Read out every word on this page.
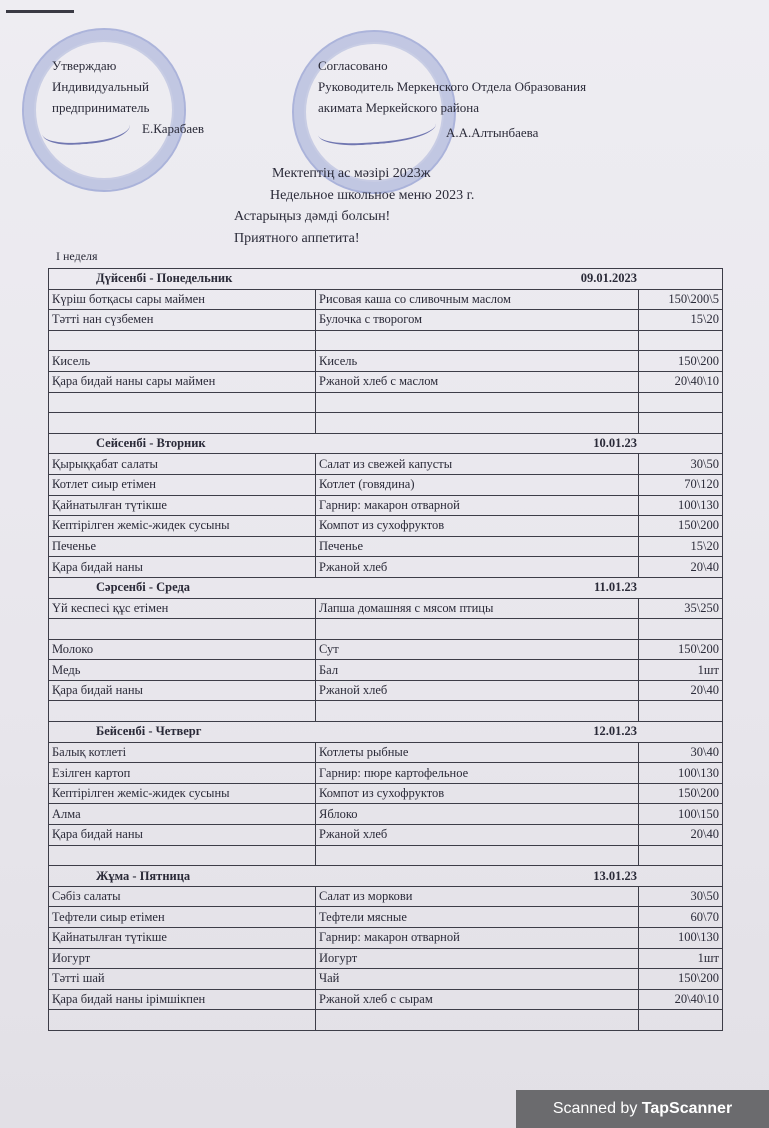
Утверждаю
Индивидуальный
предприниматель
Е.Карабаев
Согласовано
Руководитель Меркенского Отдела Образования
акимата Меркейского района
А.А.Алтынбаева
Мектептің ас мәзірі 2023ж
Недельное школьное меню 2023 г.
Астарыңыз дәмді болсын!
Приятного аппетита!
I неделя
Дүйсенбі - Понедельник 09.01.2023		

Күріш ботқасы сары маймен	Рисовая каша со сливочным маслом	150\200\5
Тәтті нан сүзбемен	Булочка с творогом	15\20

Кисель	Кисель	150\200
Қара бидай наны сары маймен	Ржаной хлеб с маслом	20\40\10

Сейсенбі - Вторник 10.01.23		

Қырыққабат салаты	Салат из свежей капусты	30\50
Котлет сиыр етімен	Котлет (говядина)	70\120
Қайнатылған түтікше	Гарнир: макарон отварной	100\130
Кептірілген жеміс-жидек сусыны	Компот из сухофруктов	150\200
Печенье	Печенье	15\20
Қара бидай наны	Ржаной хлеб	20\40
Сәрсенбі - Среда 11.01.23		

Үй кеспесі құс етімен	Лапша домашняя с мясом птицы	35\250

Молоко	Сут	150\200
Медь	Бал	1шт
Қара бидай наны	Ржаной хлеб	20\40

Бейсенбі - Четверг 12.01.23		

Балық котлеті	Котлеты рыбные	30\40
Езілген картоп	Гарнир: пюре картофельное	100\130
Кептірілген жеміс-жидек сусыны	Компот из сухофруктов	150\200
Алма	Яблоко	100\150
Қара бидай наны	Ржаной хлеб	20\40

Жұма - Пятница 13.01.23		

Сәбіз салаты	Салат из моркови	30\50
Тефтели сиыр етімен	Тефтели мясные	60\70
Қайнатылған түтікше	Гарнир: макарон отварной	100\130
Иогурт	Иогурт	1шт
Тәтті шай	Чай	150\200
Қара бидай наны ірімшікпен	Ржаной хлеб с сырам	20\40\10

Scanned by TapScanner
